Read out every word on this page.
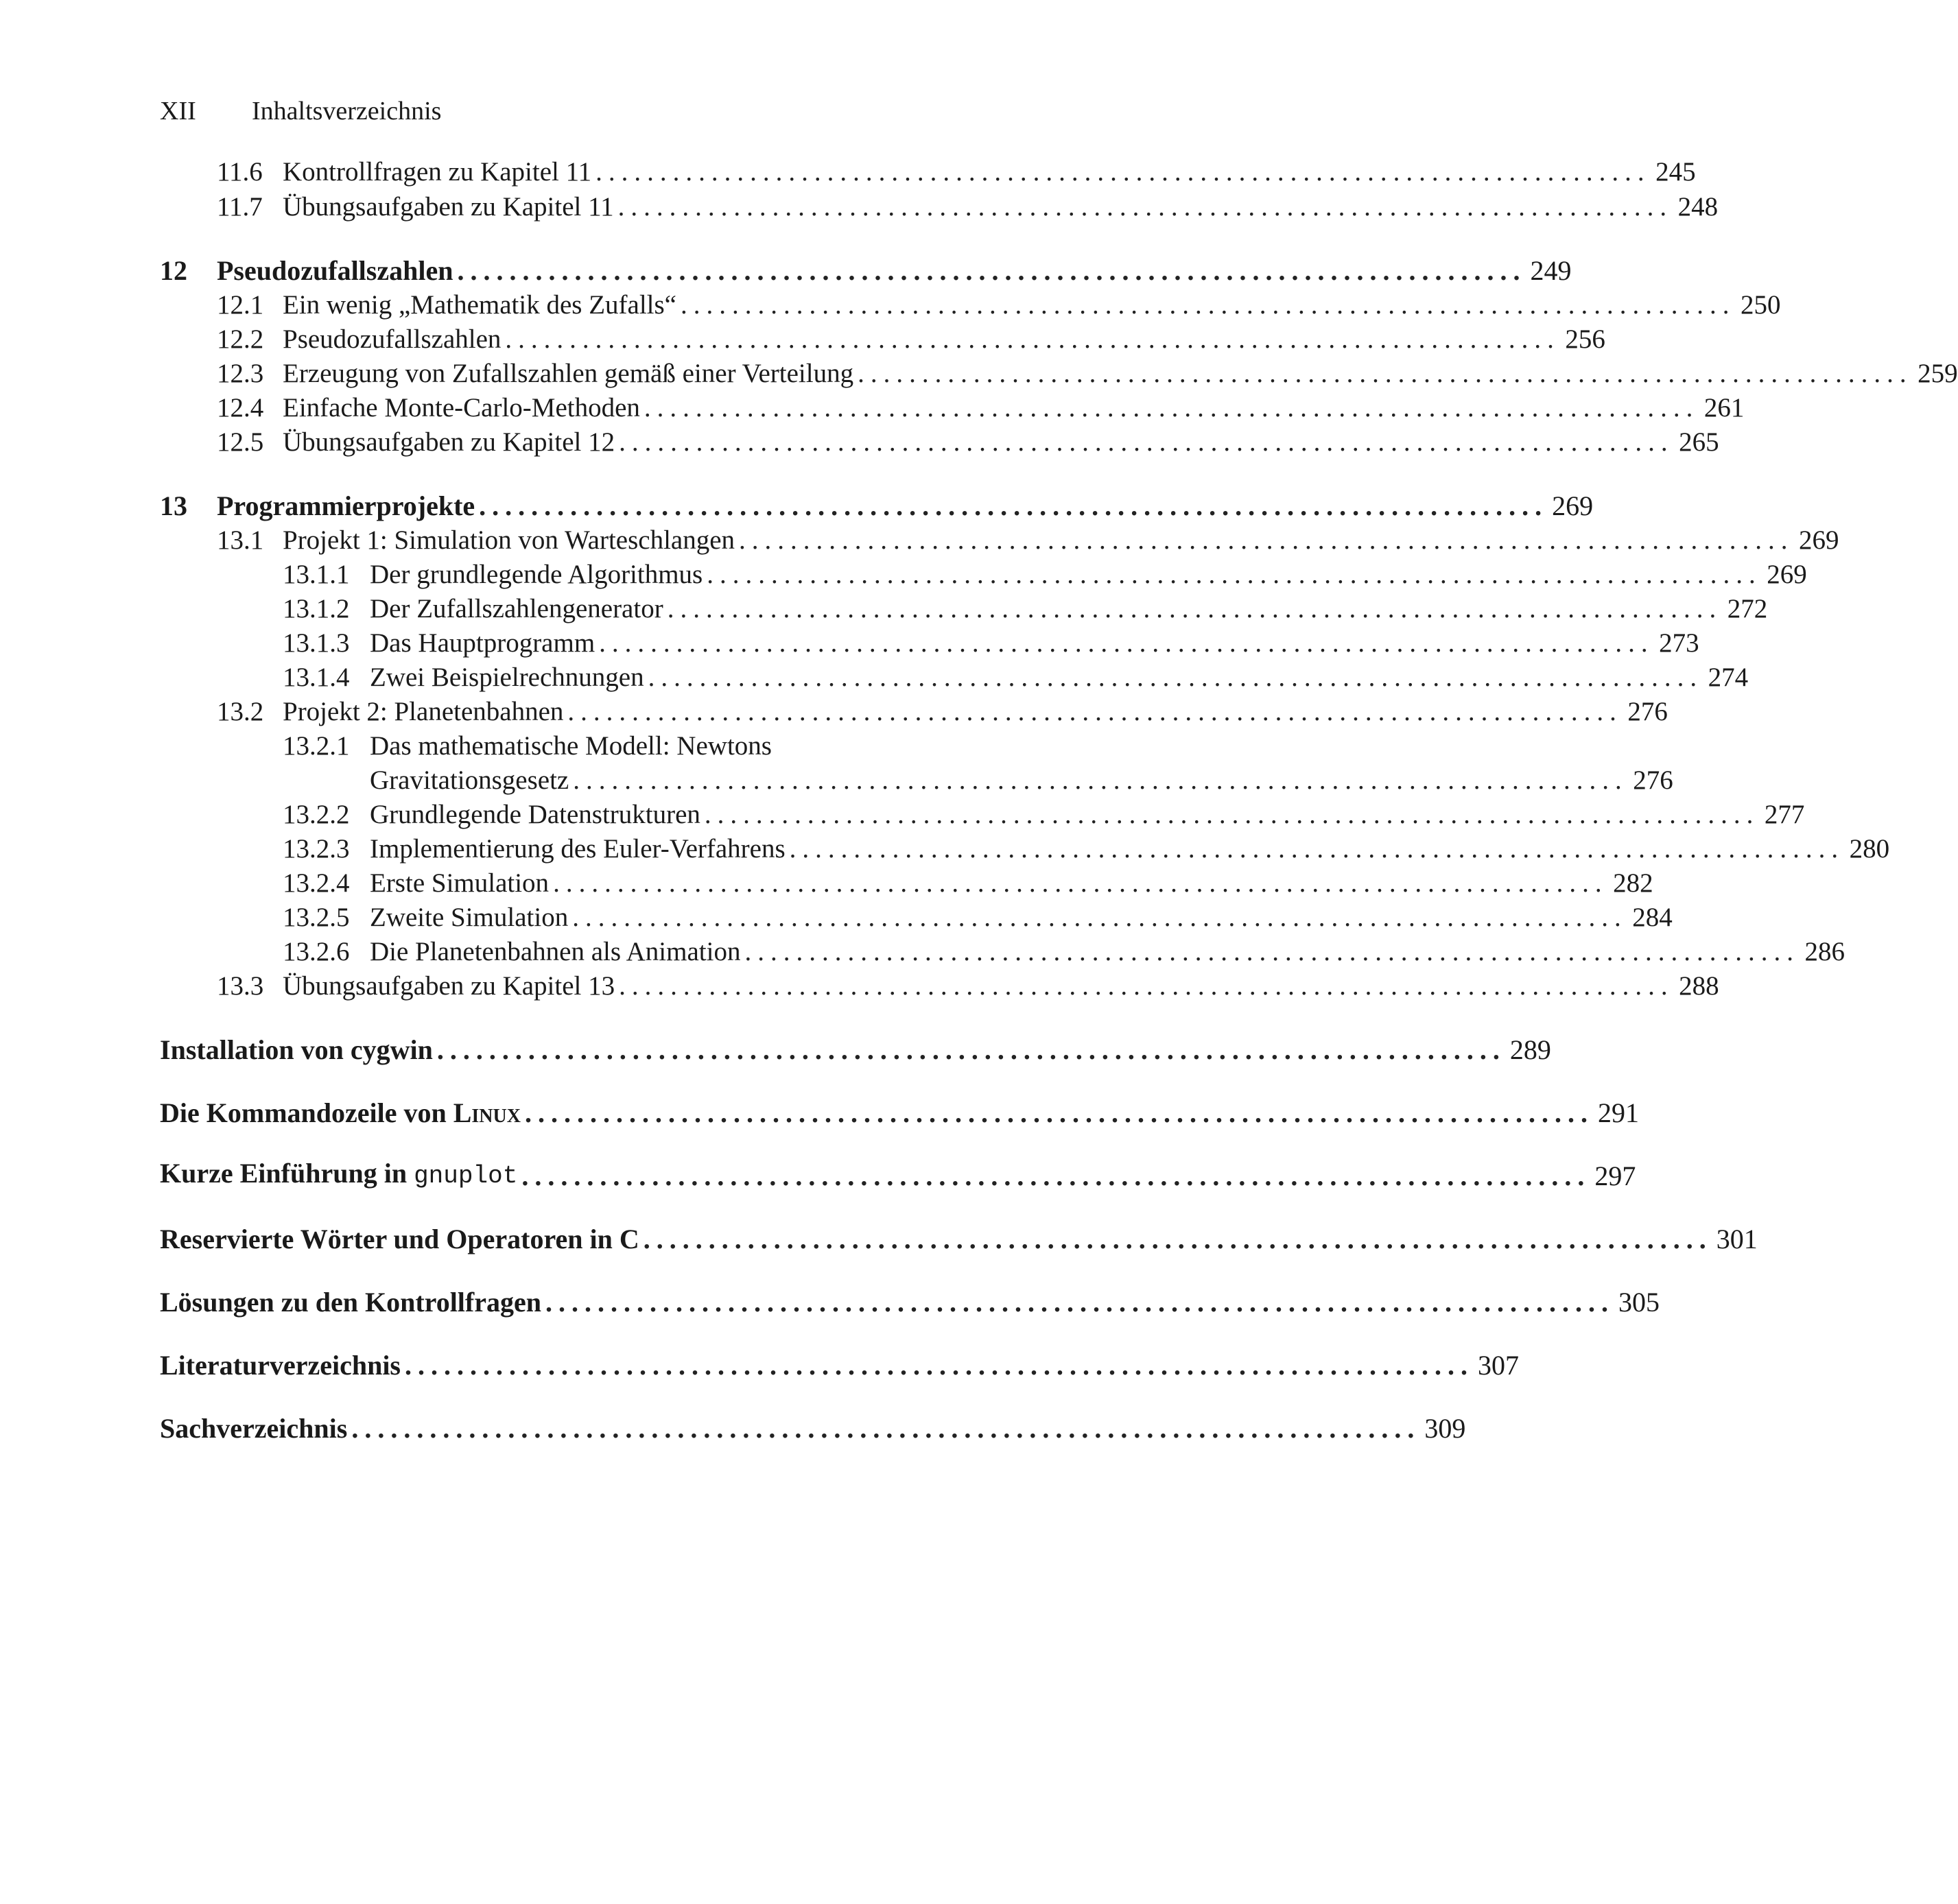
XII Inhaltsverzeichnis
11.6 Kontrollfragen zu Kapitel 11 .................................................................................. 245
11.7 Übungsaufgaben zu Kapitel 11 .................................................................................. 248
12	Pseudozufallszahlen .................................................................................. 249
12.1 Ein wenig „Mathematik des Zufalls“ .................................................................................. 250
12.2 Pseudozufallszahlen .................................................................................. 256
12.3 Erzeugung von Zufallszahlen gemäß einer Verteilung .................................................................................. 259
12.4 Einfache Monte-Carlo-Methoden .................................................................................. 261
12.5 Übungsaufgaben zu Kapitel 12 .................................................................................. 265
13	Programmierprojekte .................................................................................. 269
13.1 Projekt 1: Simulation von Warteschlangen .................................................................................. 269
13.1.1 Der grundlegende Algorithmus .................................................................................. 269
13.1.2 Der Zufallszahlengenerator .................................................................................. 272
13.1.3 Das Hauptprogramm .................................................................................. 273
13.1.4 Zwei Beispielrechnungen .................................................................................. 274
13.2 Projekt 2: Planetenbahnen .................................................................................. 276
13.2.1 Das mathematische Modell: Newtons
Gravitationsgesetz .................................................................................. 276
13.2.2 Grundlegende Datenstrukturen .................................................................................. 277
13.2.3 Implementierung des Euler-Verfahrens .................................................................................. 280
13.2.4 Erste Simulation .................................................................................. 282
13.2.5 Zweite Simulation .................................................................................. 284
13.2.6 Die Planetenbahnen als Animation .................................................................................. 286
13.3 Übungsaufgaben zu Kapitel 13 .................................................................................. 288
Installation von cygwin .................................................................................. 289
Die Kommandozeile von Linux .................................................................................. 291
Kurze Einführung in gnuplot .................................................................................. 297
Reservierte Wörter und Operatoren in C .................................................................................. 301
Lösungen zu den Kontrollfragen .................................................................................. 305
Literaturverzeichnis .................................................................................. 307
Sachverzeichnis .................................................................................. 309
